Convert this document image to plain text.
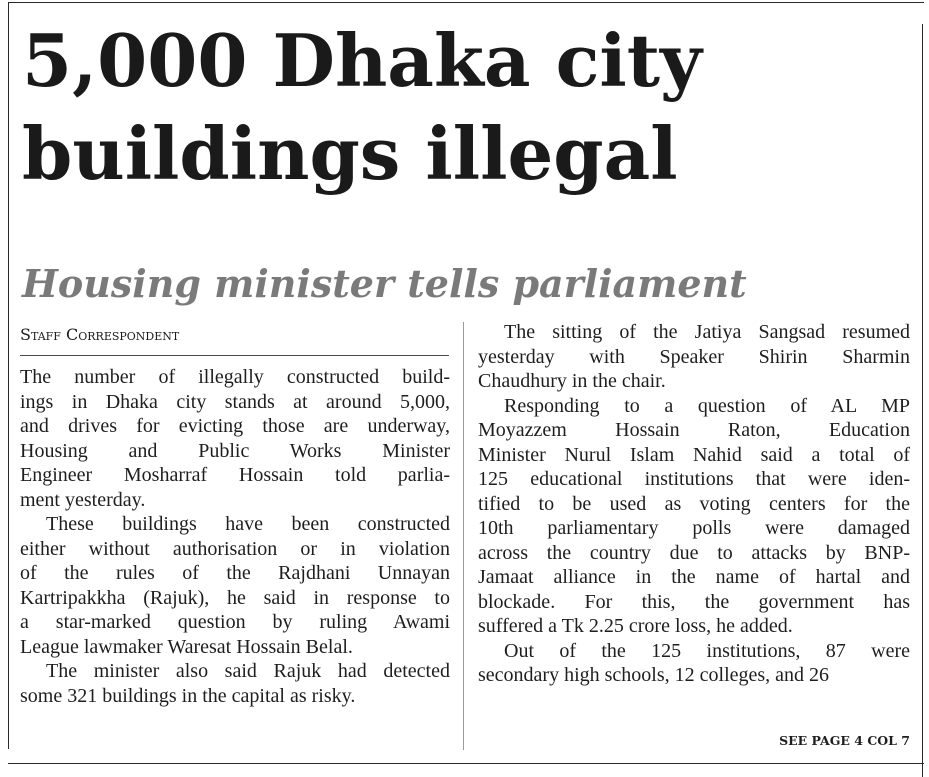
5,000 Dhaka city
buildings illegal
Housing minister tells parliament
Staff Correspondent
The number of illegally constructed build-
ings in Dhaka city stands at around 5,000,
and drives for evicting those are underway,
Housing and Public Works Minister
Engineer Mosharraf Hossain told parlia-
ment yesterday.
These buildings have been constructed
either without authorisation or in violation
of the rules of the Rajdhani Unnayan
Kartripakkha (Rajuk), he said in response to
a star-marked question by ruling Awami
League lawmaker Waresat Hossain Belal.
The minister also said Rajuk had detected
some 321 buildings in the capital as risky.
The sitting of the Jatiya Sangsad resumed
yesterday with Speaker Shirin Sharmin
Chaudhury in the chair.
Responding to a question of AL MP
Moyazzem Hossain Raton, Education
Minister Nurul Islam Nahid said a total of
125 educational institutions that were iden-
tified to be used as voting centers for the
10th parliamentary polls were damaged
across the country due to attacks by BNP-
Jamaat alliance in the name of hartal and
blockade. For this, the government has
suffered a Tk 2.25 crore loss, he added.
Out of the 125 institutions, 87 were
secondary high schools, 12 colleges, and 26
SEE PAGE 4 COL 7
